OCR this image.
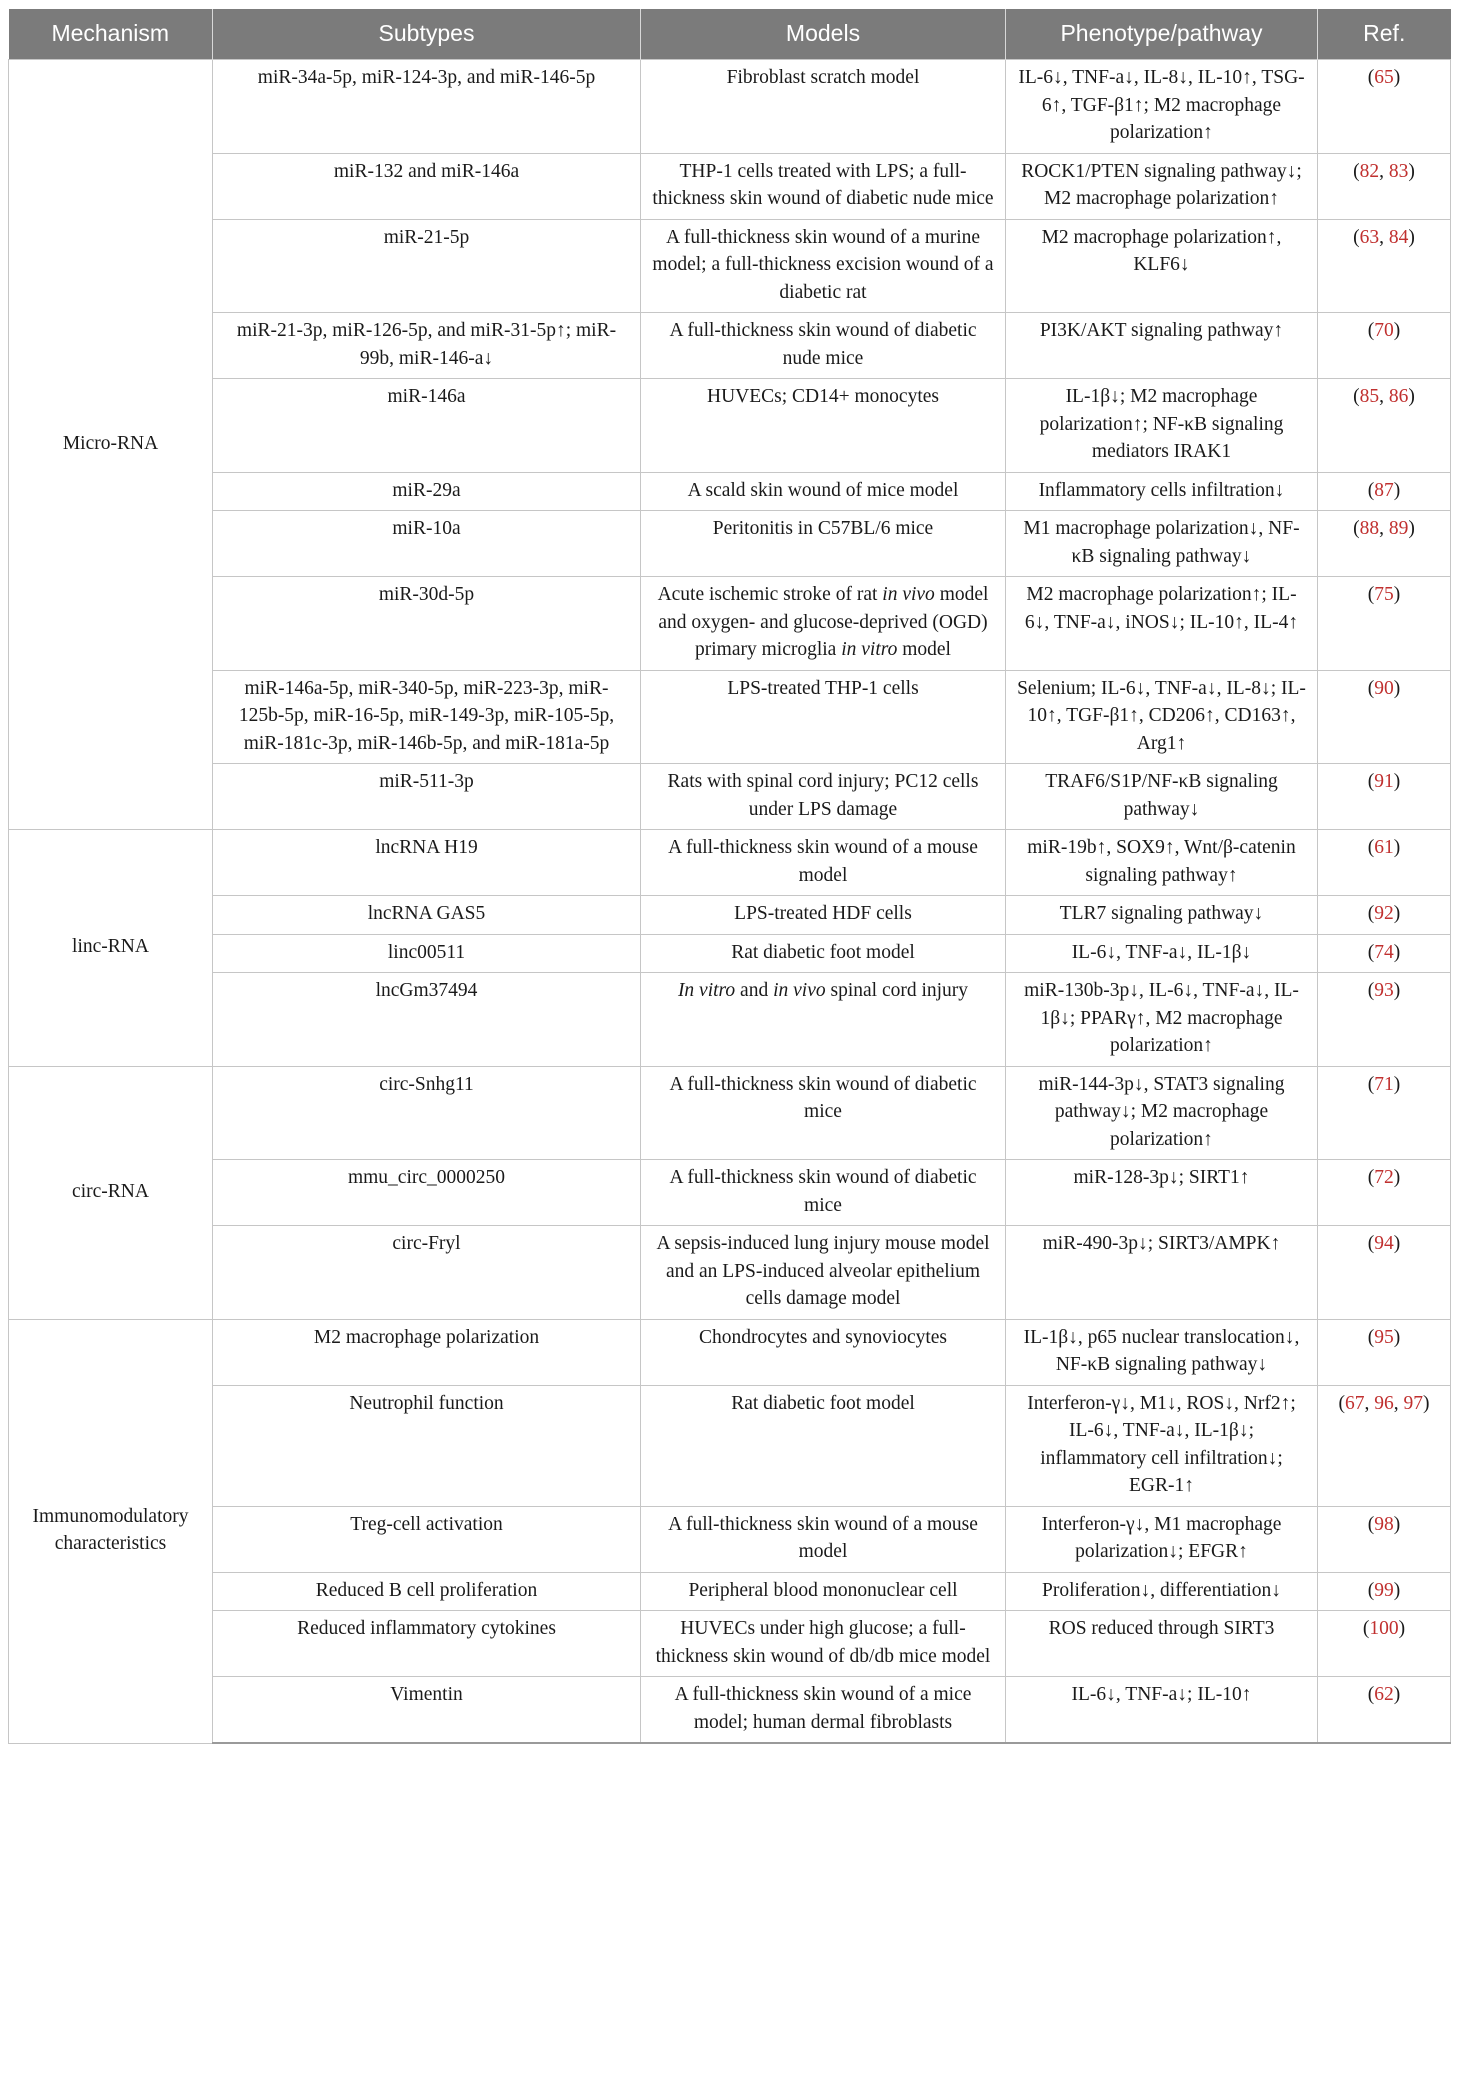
Mechanism	Subtypes	Models	Phenotype/pathway	Ref.
Micro-RNA	miR-34a-5p, miR-124-3p, and miR-146-5p	Fibroblast scratch model	IL-6↓, TNF-a↓, IL-8↓, IL-10↑, TSG-6↑, TGF-β1↑; M2 macrophage polarization↑	(65)
	miR-132 and miR-146a	THP-1 cells treated with LPS; a full-thickness skin wound of diabetic nude mice	ROCK1/PTEN signaling pathway↓; M2 macrophage polarization↑	(82, 83)
	miR-21-5p	A full-thickness skin wound of a murine model; a full-thickness excision wound of a diabetic rat	M2 macrophage polarization↑, KLF6↓	(63, 84)
	miR-21-3p, miR-126-5p, and miR-31-5p↑; miR-99b, miR-146-a↓	A full-thickness skin wound of diabetic nude mice	PI3K/AKT signaling pathway↑	(70)
	miR-146a	HUVECs; CD14+ monocytes	IL-1β↓; M2 macrophage polarization↑; NF-κB signaling mediators IRAK1	(85, 86)
	miR-29a	A scald skin wound of mice model	Inflammatory cells infiltration↓	(87)
	miR-10a	Peritonitis in C57BL/6 mice	M1 macrophage polarization↓, NF-κB signaling pathway↓	(88, 89)
	miR-30d-5p	Acute ischemic stroke of rat in vivo model and oxygen- and glucose-deprived (OGD) primary microglia in vitro model	M2 macrophage polarization↑; IL-6↓, TNF-a↓, iNOS↓; IL-10↑, IL-4↑	(75)
	miR-146a-5p, miR-340-5p, miR-223-3p, miR-125b-5p, miR-16-5p, miR-149-3p, miR-105-5p, miR-181c-3p, miR-146b-5p, and miR-181a-5p	LPS-treated THP-1 cells	Selenium; IL-6↓, TNF-a↓, IL-8↓; IL-10↑, TGF-β1↑, CD206↑, CD163↑, Arg1↑	(90)
	miR-511-3p	Rats with spinal cord injury; PC12 cells under LPS damage	TRAF6/S1P/NF-κB signaling pathway↓	(91)
linc-RNA	lncRNA H19	A full-thickness skin wound of a mouse model	miR-19b↑, SOX9↑, Wnt/β-catenin signaling pathway↑	(61)
	lncRNA GAS5	LPS-treated HDF cells	TLR7 signaling pathway↓	(92)
	linc00511	Rat diabetic foot model	IL-6↓, TNF-a↓, IL-1β↓	(74)
	lncGm37494	In vitro and in vivo spinal cord injury	miR-130b-3p↓, IL-6↓, TNF-a↓, IL-1β↓; PPARγ↑, M2 macrophage polarization↑	(93)
circ-RNA	circ-Snhg11	A full-thickness skin wound of diabetic mice	miR-144-3p↓, STAT3 signaling pathway↓; M2 macrophage polarization↑	(71)
	mmu_circ_0000250	A full-thickness skin wound of diabetic mice	miR-128-3p↓; SIRT1↑	(72)
	circ-Fryl	A sepsis-induced lung injury mouse model and an LPS-induced alveolar epithelium cells damage model	miR-490-3p↓; SIRT3/AMPK↑	(94)
Immunomodulatory characteristics	M2 macrophage polarization	Chondrocytes and synoviocytes	IL-1β↓, p65 nuclear translocation↓, NF-κB signaling pathway↓	(95)
	Neutrophil function	Rat diabetic foot model	Interferon-γ↓, M1↓, ROS↓, Nrf2↑; IL-6↓, TNF-a↓, IL-1β↓; inflammatory cell infiltration↓; EGR-1↑	(67, 96, 97)
	Treg-cell activation	A full-thickness skin wound of a mouse model	Interferon-γ↓, M1 macrophage polarization↓; EFGR↑	(98)
	Reduced B cell proliferation	Peripheral blood mononuclear cell	Proliferation↓, differentiation↓	(99)
	Reduced inflammatory cytokines	HUVECs under high glucose; a full-thickness skin wound of db/db mice model	ROS reduced through SIRT3	(100)
	Vimentin	A full-thickness skin wound of a mice model; human dermal fibroblasts	IL-6↓, TNF-a↓; IL-10↑	(62)
